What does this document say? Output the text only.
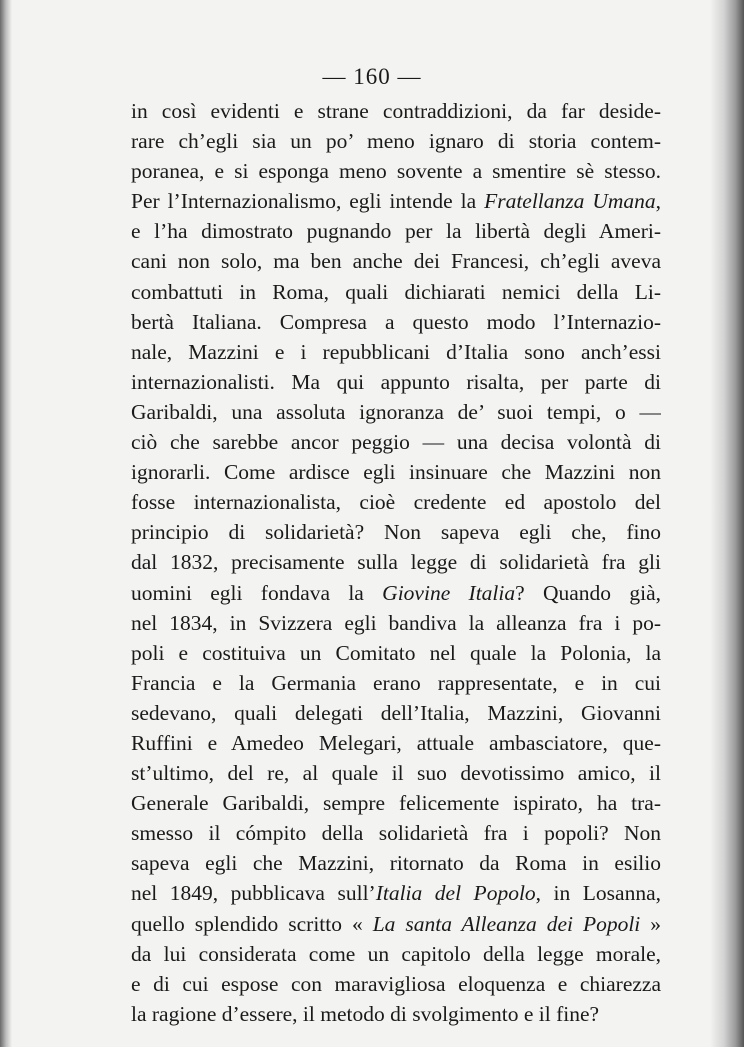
— 160 —
in così evidenti e strane contraddizioni, da far deside-
rare ch’egli sia un po’ meno ignaro di storia contem-
poranea, e si esponga meno sovente a smentire sè stesso.
Per l’Internazionalismo, egli intende la Fratellanza Umana,
e l’ha dimostrato pugnando per la libertà degli Ameri-
cani non solo, ma ben anche dei Francesi, ch’egli aveva
combattuti in Roma, quali dichiarati nemici della Li-
bertà Italiana. Compresa a questo modo l’Internazio-
nale, Mazzini e i repubblicani d’Italia sono anch’essi
internazionalisti. Ma qui appunto risalta, per parte di
Garibaldi, una assoluta ignoranza de’ suoi tempi, o —
ciò che sarebbe ancor peggio — una decisa volontà di
ignorarli. Come ardisce egli insinuare che Mazzini non
fosse internazionalista, cioè credente ed apostolo del
principio di solidarietà? Non sapeva egli che, fino
dal 1832, precisamente sulla legge di solidarietà fra gli
uomini egli fondava la Giovine Italia? Quando già,
nel 1834, in Svizzera egli bandiva la alleanza fra i po-
poli e costituiva un Comitato nel quale la Polonia, la
Francia e la Germania erano rappresentate, e in cui
sedevano, quali delegati dell’Italia, Mazzini, Giovanni
Ruffini e Amedeo Melegari, attuale ambasciatore, que-
st’ultimo, del re, al quale il suo devotissimo amico, il
Generale Garibaldi, sempre felicemente ispirato, ha tra-
smesso il cómpito della solidarietà fra i popoli? Non
sapeva egli che Mazzini, ritornato da Roma in esilio
nel 1849, pubblicava sull’Italia del Popolo, in Losanna,
quello splendido scritto « La santa Alleanza dei Popoli »
da lui considerata come un capitolo della legge morale,
e di cui espose con maravigliosa eloquenza e chiarezza
la ragione d’essere, il metodo di svolgimento e il fine?
